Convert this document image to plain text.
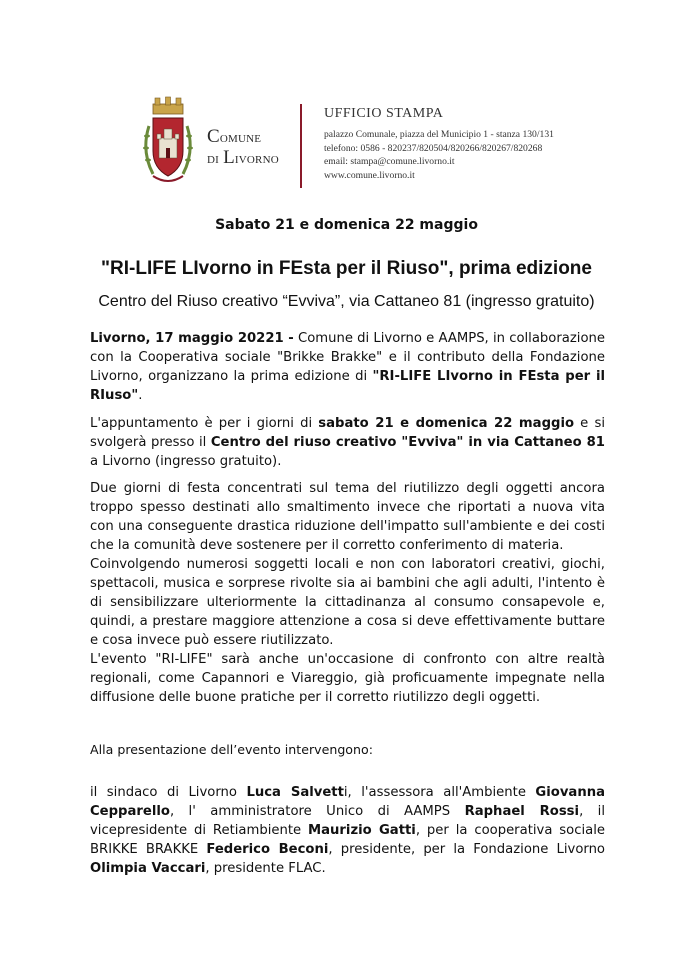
Comune
di Livorno
UFFICIO STAMPA
palazzo Comunale, piazza del Municipio 1 - stanza 130/131
telefono: 0586 - 820237/820504/820266/820267/820268
email: stampa@comune.livorno.it
www.comune.livorno.it
Sabato 21 e domenica 22 maggio
"RI-LIFE LIvorno in FEsta per il Riuso", prima edizione
Centro del Riuso creativo “Evviva”, via Cattaneo 81 (ingresso gratuito)

Livorno, 17 maggio 20221 - Comune di Livorno e AAMPS, in collaborazione con la Cooperativa sociale "Brikke Brakke" e il contributo della Fondazione Livorno, organizzano la prima edizione di "RI-LIFE LIvorno in FEsta per il RIuso".

L'appuntamento è per i giorni di sabato 21 e domenica 22 maggio e si svolgerà presso il Centro del riuso creativo "Evviva" in via Cattaneo 81 a Livorno (ingresso gratuito).

Due giorni di festa concentrati sul tema del riutilizzo degli oggetti ancora troppo spesso destinati allo smaltimento invece che riportati a nuova vita con una conseguente drastica riduzione dell'impatto sull'ambiente e dei costi che la comunità deve sostenere per il corretto conferimento di materia.
Coinvolgendo numerosi soggetti locali e non con laboratori creativi, giochi, spettacoli, musica e sorprese rivolte sia ai bambini che agli adulti, l'intento è di sensibilizzare ulteriormente la cittadinanza al consumo consapevole e, quindi, a prestare maggiore attenzione a cosa si deve effettivamente buttare e cosa invece può essere riutilizzato.
L'evento "RI-LIFE" sarà anche un'occasione di confronto con altre realtà regionali, come Capannori e Viareggio, già proficuamente impegnate nella diffusione delle buone pratiche per il corretto riutilizzo degli oggetti.

Alla presentazione dell’evento intervengono:

il sindaco di Livorno Luca Salvetti, l'assessora all'Ambiente Giovanna Cepparello, l' amministratore Unico di AAMPS Raphael Rossi, il vicepresidente di Retiambiente Maurizio Gatti, per la cooperativa sociale BRIKKE BRAKKE Federico Beconi, presidente, per la Fondazione Livorno Olimpia Vaccari, presidente FLAC.
